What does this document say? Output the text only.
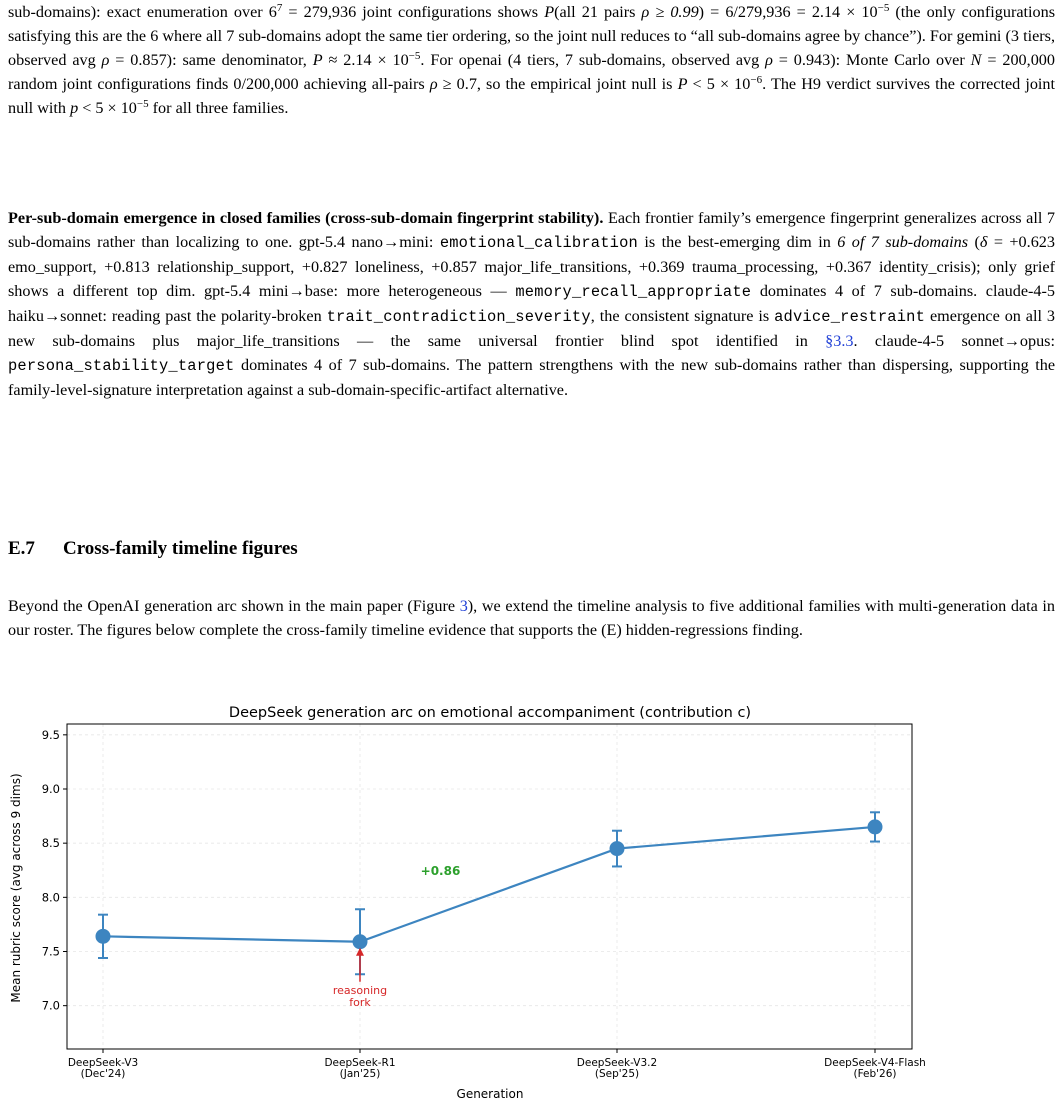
sub-domains): exact enumeration over $6^7 = 279,936$ joint configurations shows P(all 21 pairs $\rho \ge 0.99) = 6/279,936 = 2.14 \times 10^{-5}$ (the only configurations satisfying this are the 6 where all 7 sub-domains adopt the same tier ordering, so the joint null reduces to “all sub-domains agree by chance”). For gemini (3 tiers, observed avg ρ = 0.857): same denominator, $P \approx 2.14 \times 10^{-5}$. For openai (4 tiers, 7 sub-domains, observed avg ρ = 0.943): Monte Carlo over N = 200,000 random joint configurations finds 0/200,000 achieving all-pairs ρ ≥ 0.7, so the empirical joint null is $P < 5 \times 10^{-6}$. The H9 verdict survives the corrected joint null with $p < 5 \times 10^{-5}$ for all three families.

Per-sub-domain emergence in closed families (cross-sub-domain fingerprint stability). Each frontier family’s emergence fingerprint generalizes across all 7 sub-domains rather than localizing to one. gpt-5.4 nano→mini: emotional_calibration is the best-emerging dim in 6 of 7 sub-domains (δ = +0.623 emo_support, +0.813 relationship_support, +0.827 loneliness, +0.857 major_life_transitions, +0.369 trauma_processing, +0.367 identity_crisis); only grief shows a different top dim. gpt-5.4 mini→base: more heterogeneous — memory_recall_appropriate dominates 4 of 7 sub-domains. claude-4-5 haiku→sonnet: reading past the polarity-broken trait_contradiction_severity, the consistent signature is advice_restraint emergence on all 3 new sub-domains plus major_life_transitions — the same universal frontier blind spot identified in §3.3. claude-4-5 sonnet→opus: persona_stability_target dominates 4 of 7 sub-domains. The pattern strengthens with the new sub-domains rather than dispersing, supporting the family-level-signature interpretation against a sub-domain-specific-artifact alternative.

E.7 Cross-family timeline figures

Beyond the OpenAI generation arc shown in the main paper (Figure 3), we extend the timeline analysis to five additional families with multi-generation data in our roster. The figures below complete the cross-family timeline evidence that supports the (E) hidden-regressions finding.

DeepSeek generation arc on emotional accompaniment (contribution c)
7.0
7.5
8.0
8.5
9.0
9.5
DeepSeek-V3
(Dec'24)
DeepSeek-R1
(Jan'25)
DeepSeek-V3.2
(Sep'25)
DeepSeek-V4-Flash
(Feb'26)
+0.86
reasoning
fork
Generation
Mean rubric score (avg across 9 dims)
